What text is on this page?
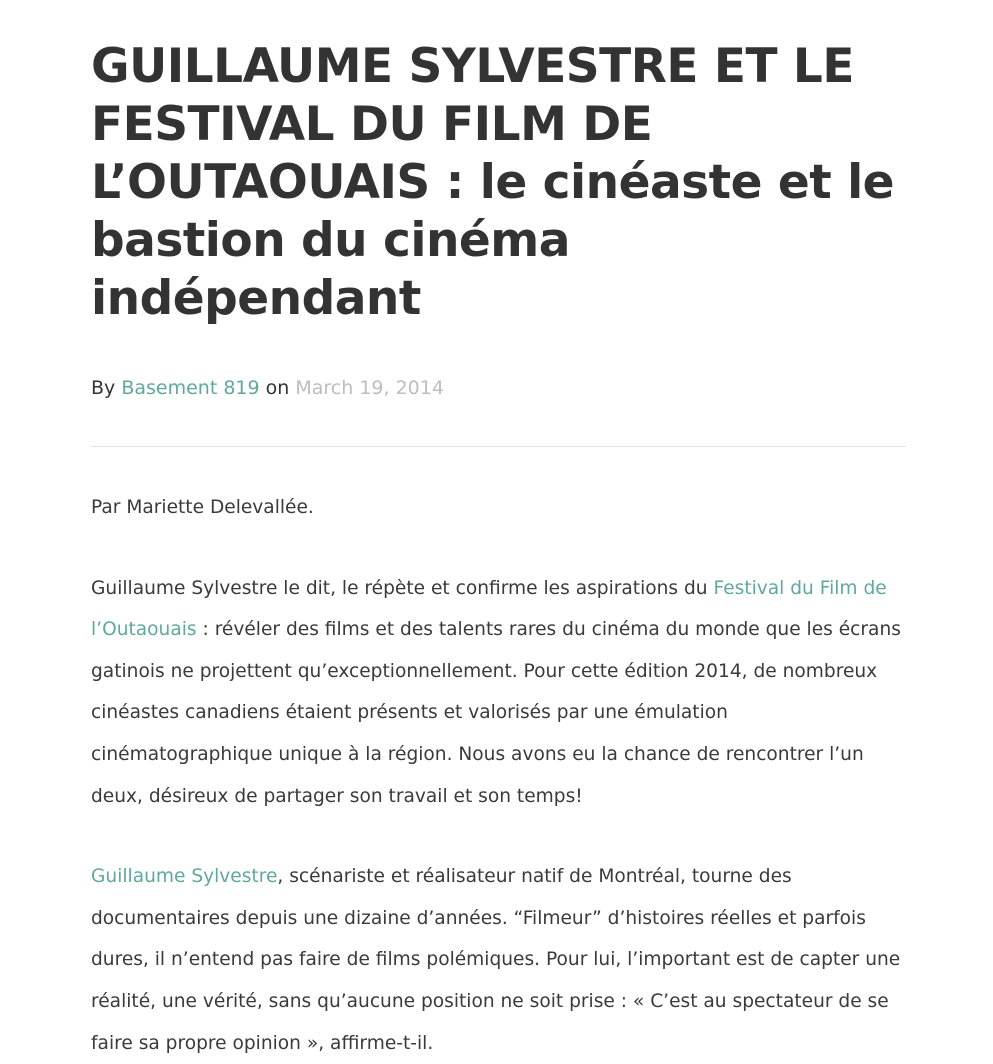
GUILLAUME SYLVESTRE ET LE FESTIVAL DU FILM DE L’OUTAOUAIS : le cinéaste et le bastion du cinéma indépendant
By Basement 819 on March 19, 2014

Par Mariette Delevallée.

Guillaume Sylvestre le dit, le répète et confirme les aspirations du Festival du Film de l’Outaouais : révéler des films et des talents rares du cinéma du monde que les écrans gatinois ne projettent qu’exceptionnellement. Pour cette édition 2014, de nombreux cinéastes canadiens étaient présents et valorisés par une émulation cinématographique unique à la région. Nous avons eu la chance de rencontrer l’un deux, désireux de partager son travail et son temps!

Guillaume Sylvestre, scénariste et réalisateur natif de Montréal, tourne des documentaires depuis une dizaine d’années. “Filmeur” d’histoires réelles et parfois dures, il n’entend pas faire de films polémiques. Pour lui, l’important est de capter une réalité, une vérité, sans qu’aucune position ne soit prise : « C’est au spectateur de se faire sa propre opinion », affirme-t-il.
